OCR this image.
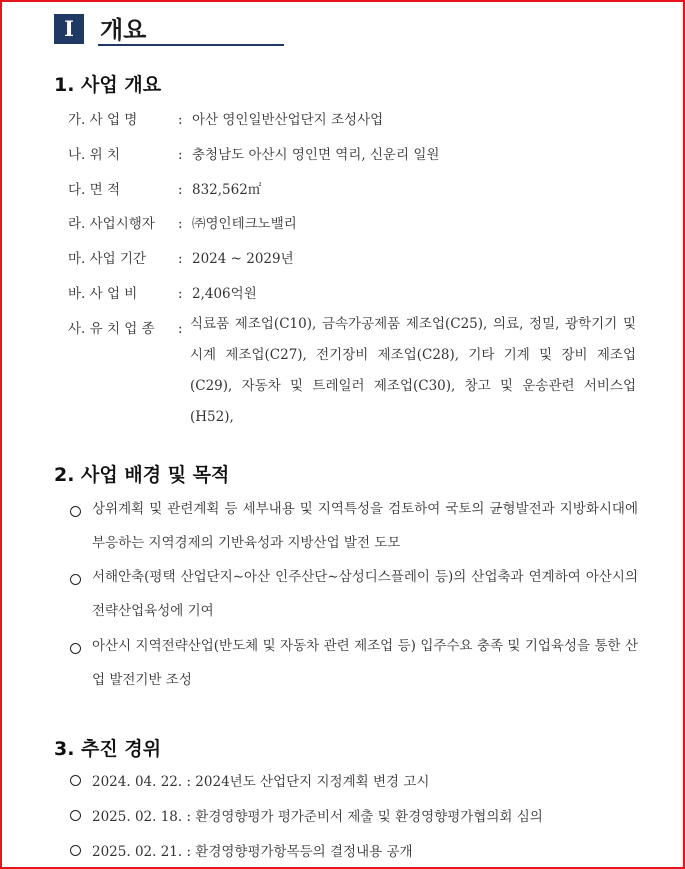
I	개요
1. 사업 개요
가. 사 업 명	: 아산 영인일반산업단지 조성사업
나. 위 치	: 충청남도 아산시 영인면 역리, 신운리 일원
다. 면 적	: 832,562㎡
라. 사업시행자 : ㈜영인테크노밸리
마. 사업 기간 : 2024 ~ 2029년
바. 사 업 비	: 2,406억원
사. 유 치 업 종 : 식료품 제조업(C10), 금속가공제품 제조업(C25), 의료, 정밀, 광학기기 및 시계 제조업(C27), 전기장비 제조업(C28), 기타 기계 및 장비 제조업(C29), 자동차 및 트레일러 제조업(C30), 창고 및 운송관련 서비스업(H52),
2. 사업 배경 및 목적
상위계획 및 관련계획 등 세부내용 및 지역특성을 검토하여 국토의 균형발전과 지방화시대에 부응하는 지역경제의 기반육성과 지방산업 발전 도모
서해안축(평택 산업단지∼아산 인주산단∼삼성디스플레이 등)의 산업축과 연계하여 아산시의 전략산업육성에 기여
아산시 지역전략산업(반도체 및 자동차 관련 제조업 등) 입주수요 충족 및 기업육성을 통한 산업 발전기반 조성
3. 추진 경위
2024. 04. 22. : 2024년도 산업단지 지정계획 변경 고시
2025. 02. 18. : 환경영향평가 평가준비서 제출 및 환경영향평가협의회 심의
2025. 02. 21. : 환경영향평가항목등의 결정내용 공개
